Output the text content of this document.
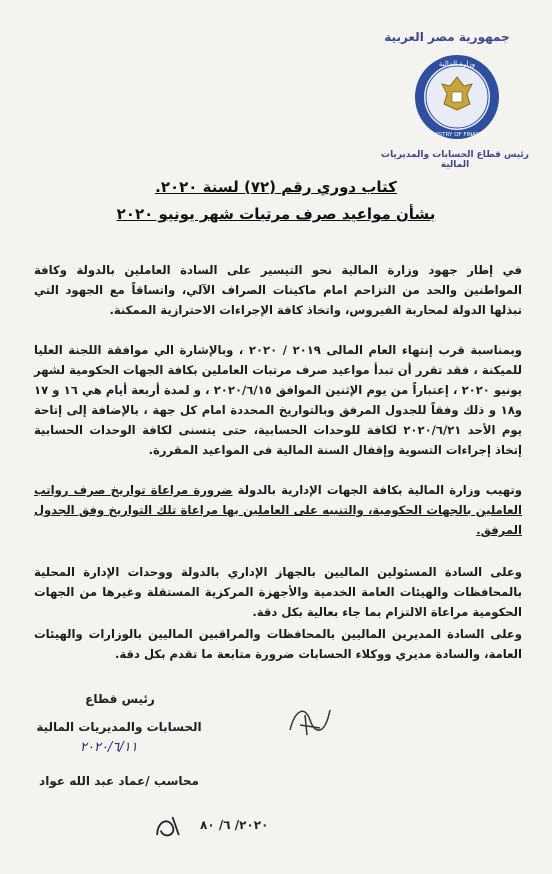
جمهورية مصر العربية
وزارة المالية
MINISTRY OF FINANCE
رئيس قطاع الحسابات والمديريات المالية
كتاب دوري رقم (٧٢) لسنة ٢٠٢٠.
بشأن مواعيد صرف مرتبات شهر يونيو ٢٠٢٠
في إطار جهود وزارة المالية نحو التيسير على السادة العاملين بالدولة وكافة المواطنين والحد من التزاحم امام ماكينات الصراف الآلي، واتساقاً مع الجهود التي تبذلها الدولة لمحاربة الفيروس، واتخاذ كافة الإجراءات الاحترازية الممكنة.
وبمناسبة قرب إنتهاء العام المالى ٢٠١٩ / ٢٠٢٠ ، وبالإشارة الي موافقة اللجنة العليا للميكنة ، فقد تقرر أن تبدأ مواعيد صرف مرتبات العاملين بكافة الجهات الحكومية لشهر يونيو ٢٠٢٠ ، إعتباراً من يوم الإثنين الموافق ٢٠٢٠/٦/١٥ ، و لمدة أربعة أيام هي ١٦ و ١٧ و١٨ و ذلك وفقاً للجدول المرفق وبالتواريخ المحددة امام كل جهة ، بالإضافة إلى إتاحة يوم الأحد ٢٠٢٠/٦/٢١ لكافة للوحدات الحسابية، حتى يتسنى لكافة الوحدات الحسابية إتخاذ إجراءات التسوية وإقفال السنة المالية فى المواعيد المقررة.
وتهيب وزارة المالية بكافة الجهات الإدارية بالدولة ضرورة مراعاة تواريخ صرف رواتب العاملين بالجهات الحكومية، والتنبيه على العاملين بها مراعاة تلك التواريخ وفق الجدول المرفق.
وعلى السادة المسئولين الماليين بالجهاز الإداري بالدولة ووحدات الإدارة المحلية بالمحافظات والهيئات العامة الخدمية والأجهزة المركزية المستقلة وغيرها من الجهات الحكومية مراعاة الالتزام بما جاء بعالية بكل دقة.
وعلى السادة المديرين الماليين بالمحافظات والمراقبين الماليين بالوزارات والهيئات العامة، والسادة مديري ووكلاء الحسابات ضرورة متابعة ما تقدم بكل دقة.
رئيس قطاع
الحسابات والمديريات المالية
٢٠٢٠/٦/١١
محاسب /عماد عبد الله عواد
٢٠٢٠/ ٦/ ٨٠
